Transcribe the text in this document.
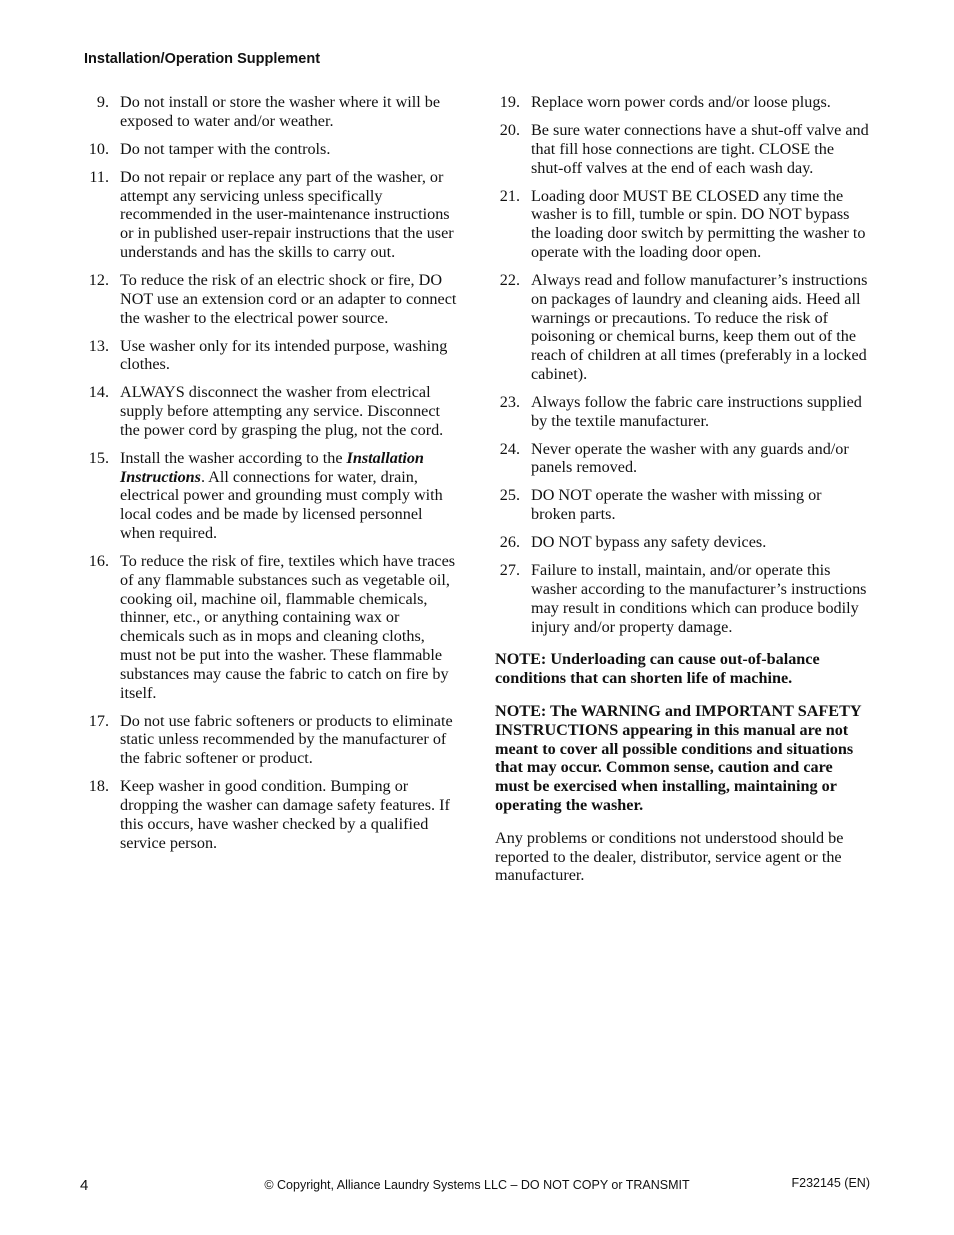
Installation/Operation Supplement
9. Do not install or store the washer where it will be exposed to water and/or weather.
10. Do not tamper with the controls.
11. Do not repair or replace any part of the washer, or attempt any servicing unless specifically recommended in the user-maintenance instructions or in published user-repair instructions that the user understands and has the skills to carry out.
12. To reduce the risk of an electric shock or fire, DO NOT use an extension cord or an adapter to connect the washer to the electrical power source.
13. Use washer only for its intended purpose, washing clothes.
14. ALWAYS disconnect the washer from electrical supply before attempting any service. Disconnect the power cord by grasping the plug, not the cord.
15. Install the washer according to the Installation Instructions. All connections for water, drain, electrical power and grounding must comply with local codes and be made by licensed personnel when required.
16. To reduce the risk of fire, textiles which have traces of any flammable substances such as vegetable oil, cooking oil, machine oil, flammable chemicals, thinner, etc., or anything containing wax or chemicals such as in mops and cleaning cloths, must not be put into the washer. These flammable substances may cause the fabric to catch on fire by itself.
17. Do not use fabric softeners or products to eliminate static unless recommended by the manufacturer of the fabric softener or product.
18. Keep washer in good condition. Bumping or dropping the washer can damage safety features. If this occurs, have washer checked by a qualified service person.
19. Replace worn power cords and/or loose plugs.
20. Be sure water connections have a shut-off valve and that fill hose connections are tight. CLOSE the shut-off valves at the end of each wash day.
21. Loading door MUST BE CLOSED any time the washer is to fill, tumble or spin. DO NOT bypass the loading door switch by permitting the washer to operate with the loading door open.
22. Always read and follow manufacturer’s instructions on packages of laundry and cleaning aids. Heed all warnings or precautions. To reduce the risk of poisoning or chemical burns, keep them out of the reach of children at all times (preferably in a locked cabinet).
23. Always follow the fabric care instructions supplied by the textile manufacturer.
24. Never operate the washer with any guards and/or panels removed.
25. DO NOT operate the washer with missing or broken parts.
26. DO NOT bypass any safety devices.
27. Failure to install, maintain, and/or operate this washer according to the manufacturer’s instructions may result in conditions which can produce bodily injury and/or property damage.
NOTE: Underloading can cause out-of-balance conditions that can shorten life of machine.
NOTE: The WARNING and IMPORTANT SAFETY INSTRUCTIONS appearing in this manual are not meant to cover all possible conditions and situations that may occur. Common sense, caution and care must be exercised when installing, maintaining or operating the washer.
Any problems or conditions not understood should be reported to the dealer, distributor, service agent or the manufacturer.
4	© Copyright, Alliance Laundry Systems LLC – DO NOT COPY or TRANSMIT	F232145 (EN)
